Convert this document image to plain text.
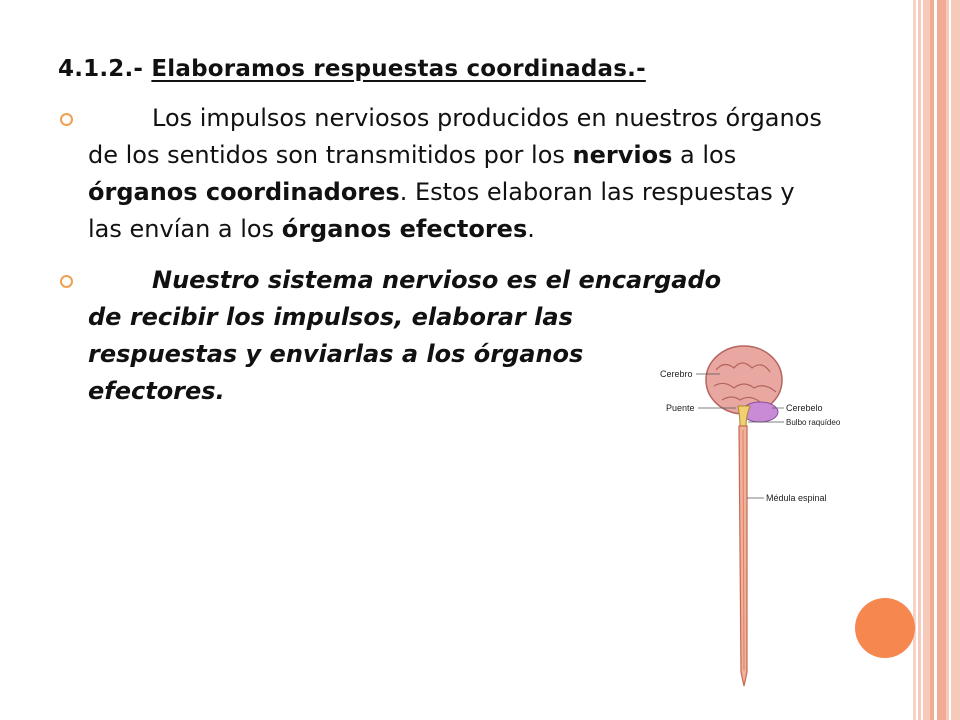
4.1.2.- Elaboramos respuestas coordinadas.-
Los impulsos nerviosos producidos en nuestros órganos de los sentidos son transmitidos por los nervios a los órganos coordinadores. Estos elaboran las respuestas y las envían a los órganos efectores.
Nuestro sistema nervioso es el encargado
de recibir los impulsos, elaborar las
respuestas y enviarlas a los órganos
efectores.
Cerebro
Puente	Cerebelo
Bulbo raquídeo
Médula espinal
